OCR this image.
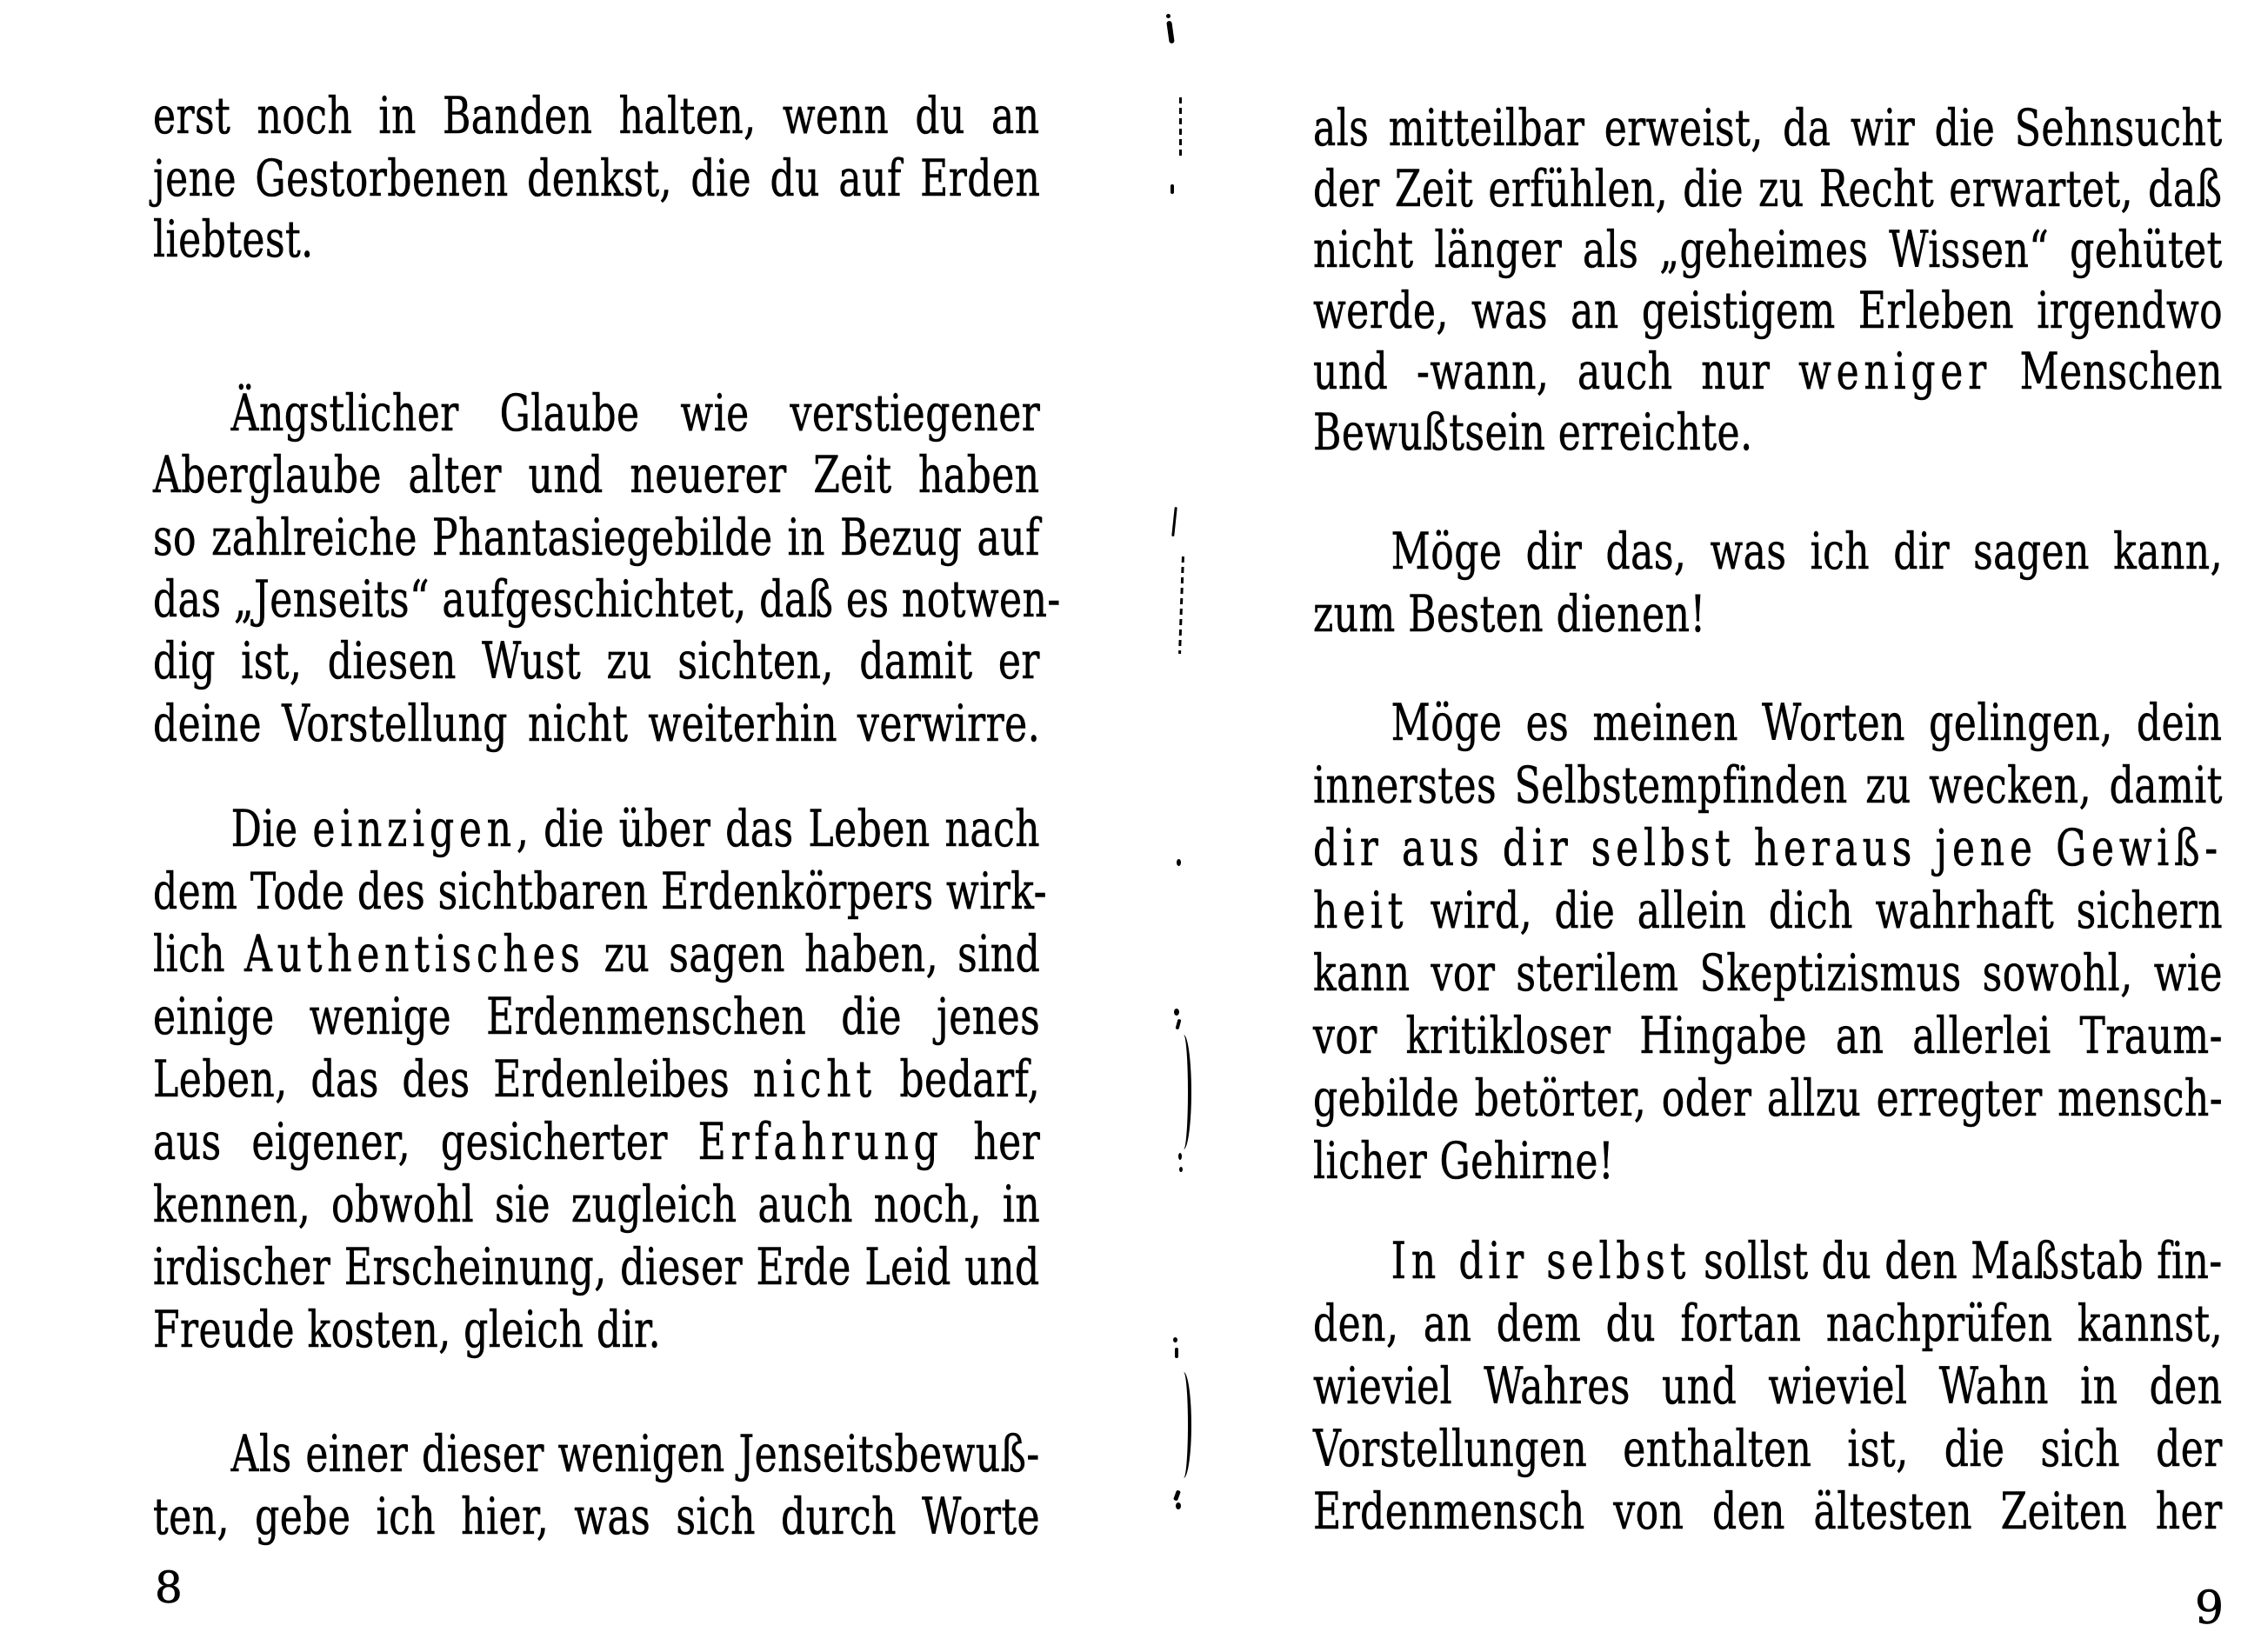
erst noch in Banden halten, wenn du an
jene Gestorbenen denkst, die du auf Erden
liebtest.
Ängstlicher Glaube wie verstiegener
Aberglaube alter und neuerer Zeit haben
so zahlreiche Phantasiegebilde in Bezug auf
das „Jenseits“ aufgeschichtet, daß es notwen-
dig ist, diesen Wust zu sichten, damit er
deine Vorstellung nicht weiterhin verwirre.
Die einzigen, die über das Leben nach
dem Tode des sichtbaren Erdenkörpers wirk-
lich Authentisches zu sagen haben, sind
einige wenige Erdenmenschen die jenes
Leben, das des Erdenleibes nicht bedarf,
aus eigener, gesicherter Erfahrung her
kennen, obwohl sie zugleich auch noch, in
irdischer Erscheinung, dieser Erde Leid und
Freude kosten, gleich dir.
Als einer dieser wenigen Jenseitsbewuß-
ten, gebe ich hier, was sich durch Worte
als mitteilbar erweist, da wir die Sehnsucht
der Zeit erfühlen, die zu Recht erwartet, daß
nicht länger als „geheimes Wissen“ gehütet
werde, was an geistigem Erleben irgendwo
und -wann, auch nur weniger Menschen
Bewußtsein erreichte.
Möge dir das, was ich dir sagen kann,
zum Besten dienen!
Möge es meinen Worten gelingen, dein
innerstes Selbstempfinden zu wecken, damit
dir aus dir selbst heraus jene Gewiß-
heit wird, die allein dich wahrhaft sichern
kann vor sterilem Skeptizismus sowohl, wie
vor kritikloser Hingabe an allerlei Traum-
gebilde betörter, oder allzu erregter mensch-
licher Gehirne!
In dir selbst sollst du den Maßstab fin-
den, an dem du fortan nachprüfen kannst,
wieviel Wahres und wieviel Wahn in den
Vorstellungen enthalten ist, die sich der
Erdenmensch von den ältesten Zeiten her
8	9
